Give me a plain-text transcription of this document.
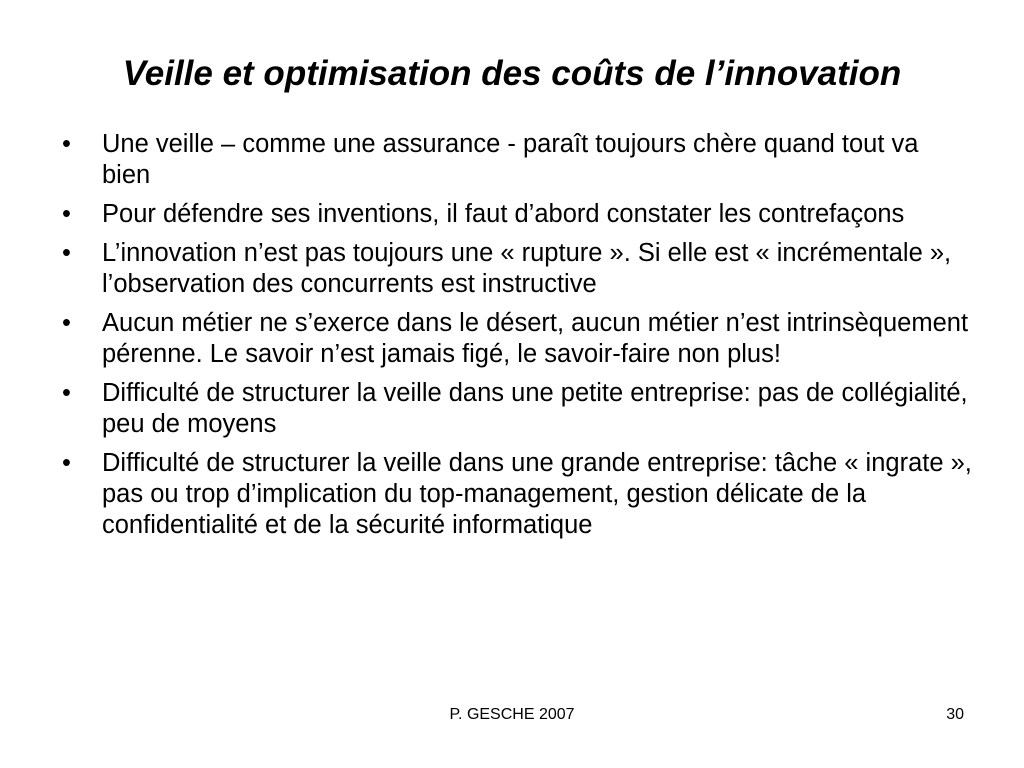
Veille et optimisation des coûts de l’innovation
•	Une veille – comme une assurance - paraît toujours chère quand tout va bien
•	Pour défendre ses inventions, il faut d’abord constater les contrefaçons
•	L’innovation n’est pas toujours une « rupture ». Si elle est « incrémentale », l’observation des concurrents est instructive
•	Aucun métier ne s’exerce dans le désert, aucun métier n’est intrinsèquement pérenne. Le savoir n’est jamais figé, le savoir-faire non plus!
•	Difficulté de structurer la veille dans une petite entreprise: pas de collégialité, peu de moyens
•	Difficulté de structurer la veille dans une grande entreprise: tâche « ingrate », pas ou trop d’implication du top-management, gestion délicate de la confidentialité et de la sécurité informatique
P. GESCHE 2007	30
